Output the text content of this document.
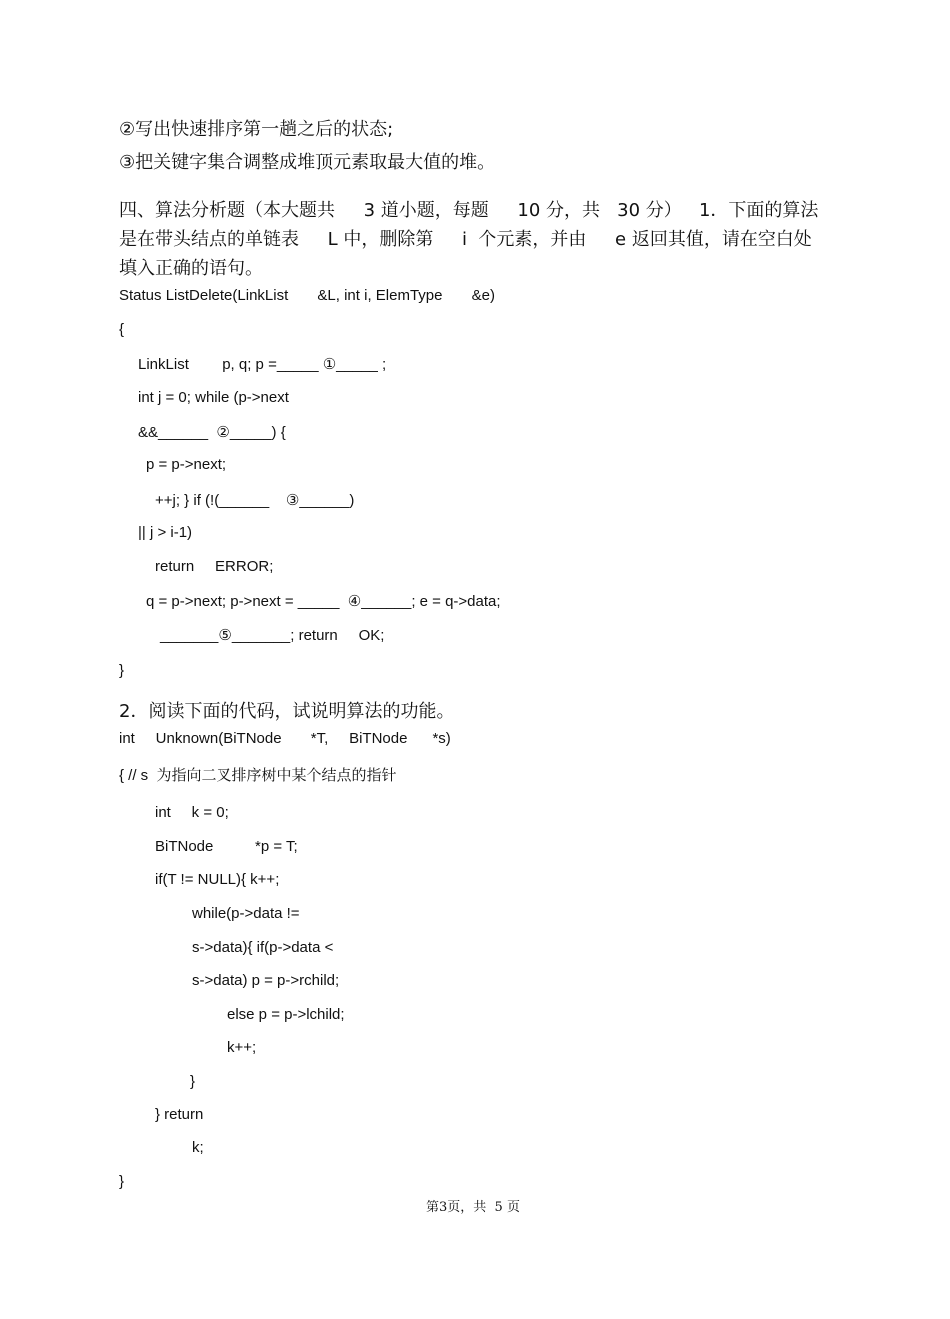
②写出快速排序第一趟之后的状态;
③把关键字集合调整成堆顶元素取最大值的堆。
四、算法分析题（本大题共     3 道小题，每题     10 分，共   30 分）   1．下面的算法
是在带头结点的单链表     L 中，删除第     i  个元素，并由     e 返回其值，请在空白处
填入正确的语句。
Status ListDelete(LinkList       &L, int i, ElemType       &e)
{
LinkList        p, q; p =_____ ①_____ ;
int j = 0; while (p->next
&&______  ②_____) {
p = p->next;
++j; } if (!(______    ③______)
|| j > i-1)
return     ERROR;
q = p->next; p->next = _____  ④______; e = q->data;
_______⑤_______; return     OK;
}
2．阅读下面的代码，试说明算法的功能。
int     Unknown(BiTNode       *T,     BiTNode      *s)
{ // s  为指向二叉排序树中某个结点的指针
int     k = 0;
BiTNode          *p = T;
if(T != NULL){ k++;
while(p->data !=
s->data){ if(p->data <
s->data) p = p->rchild;
else p = p->lchild;
k++;
}
} return
k;
}
第3页，共  5 页
